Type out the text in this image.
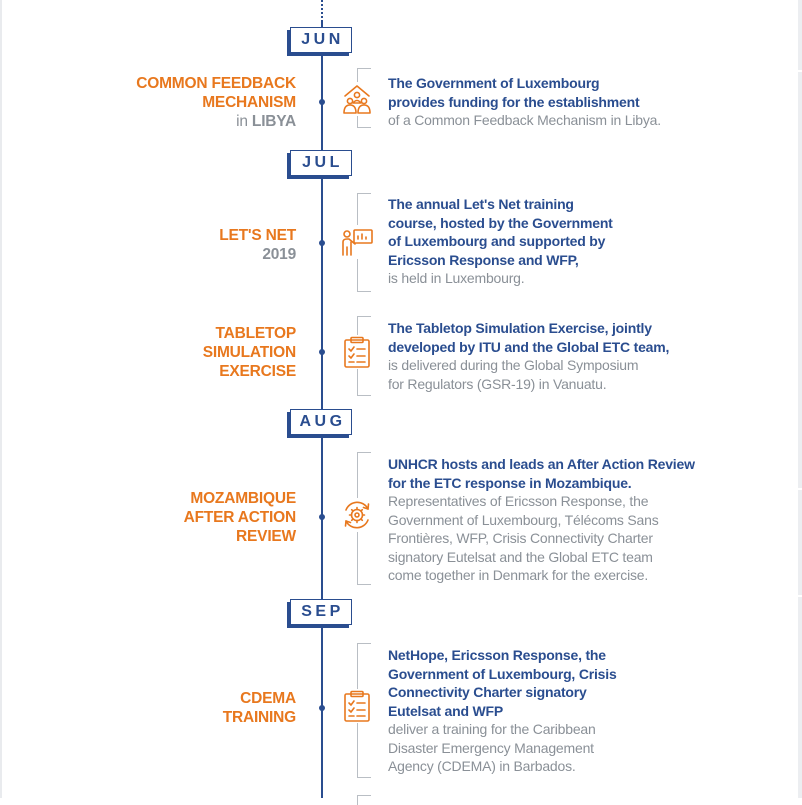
JUN
JUL
AUG
SEP
COMMON FEEDBACK
MECHANISM
in LIBYA
The Government of Luxembourg
provides funding for the establishment
of a Common Feedback Mechanism in Libya.
LET'S NET
2019
The annual Let's Net training
course, hosted by the Government
of Luxembourg and supported by
Ericsson Response and WFP,
is held in Luxembourg.
TABLETOP
SIMULATION
EXERCISE
The Tabletop Simulation Exercise, jointly
developed by ITU and the Global ETC team,
is delivered during the Global Symposium
for Regulators (GSR-19) in Vanuatu.
MOZAMBIQUE
AFTER ACTION
REVIEW
UNHCR hosts and leads an After Action Review
for the ETC response in Mozambique.
Representatives of Ericsson Response, the
Government of Luxembourg, Télécoms Sans
Frontières, WFP, Crisis Connectivity Charter
signatory Eutelsat and the Global ETC team
come together in Denmark for the exercise.
CDEMA
TRAINING
NetHope, Ericsson Response, the
Government of Luxembourg, Crisis
Connectivity Charter signatory
Eutelsat and WFP
deliver a training for the Caribbean
Disaster Emergency Management
Agency (CDEMA) in Barbados.
